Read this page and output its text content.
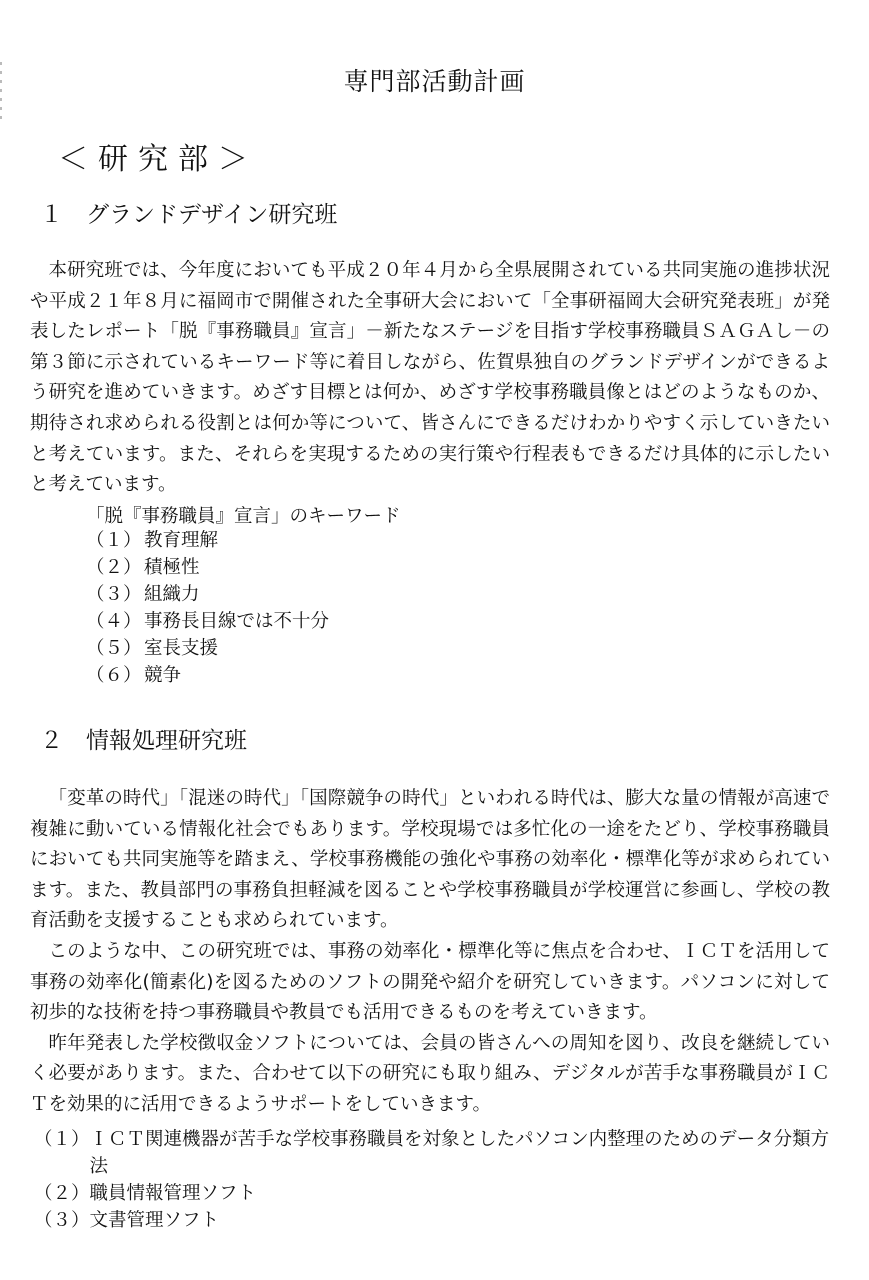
専門部活動計画
＜研究部＞
１ グランドデザイン研究班

本研究班では、今年度においても平成２０年４月から全県展開されている共同実施の進捗状況や平成２１年８月に福岡市で開催された全事研大会において「全事研福岡大会研究発表班」が発表したレポート「脱『事務職員』宣言」－新たなステージを目指す学校事務職員ＳＡＧＡし－の第３節に示されているキーワード等に着目しながら、佐賀県独自のグランドデザインができるよう研究を進めていきます。めざす目標とは何か、めざす学校事務職員像とはどのようなものか、期待され求められる役割とは何か等について、皆さんにできるだけわかりやすく示していきたいと考えています。また、それらを実現するための実行策や行程表もできるだけ具体的に示したいと考えています。

「脱『事務職員』宣言」のキーワード
（１） 教育理解
（２） 積極性
（３） 組織力
（４） 事務長目線では不十分
（５） 室長支援
（６） 競争
２ 情報処理研究班

「変革の時代」「混迷の時代」「国際競争の時代」といわれる時代は、膨大な量の情報が高速で複雑に動いている情報化社会でもあります。学校現場では多忙化の一途をたどり、学校事務職員においても共同実施等を踏まえ、学校事務機能の強化や事務の効率化・標準化等が求められています。また、教員部門の事務負担軽減を図ることや学校事務職員が学校運営に参画し、学校の教育活動を支援することも求められています。

このような中、この研究班では、事務の効率化・標準化等に焦点を合わせ、ＩＣＴを活用して事務の効率化(簡素化)を図るためのソフトの開発や紹介を研究していきます。パソコンに対して初歩的な技術を持つ事務職員や教員でも活用できるものを考えていきます。

昨年発表した学校徴収金ソフトについては、会員の皆さんへの周知を図り、改良を継続していく必要があります。また、合わせて以下の研究にも取り組み、デジタルが苦手な事務職員がＩＣＴを効果的に活用できるようサポートをしていきます。

（１） ＩＣＴ関連機器が苦手な学校事務職員を対象としたパソコン内整理のためのデータ分類方法
（２） 職員情報管理ソフト
（３） 文書管理ソフト
